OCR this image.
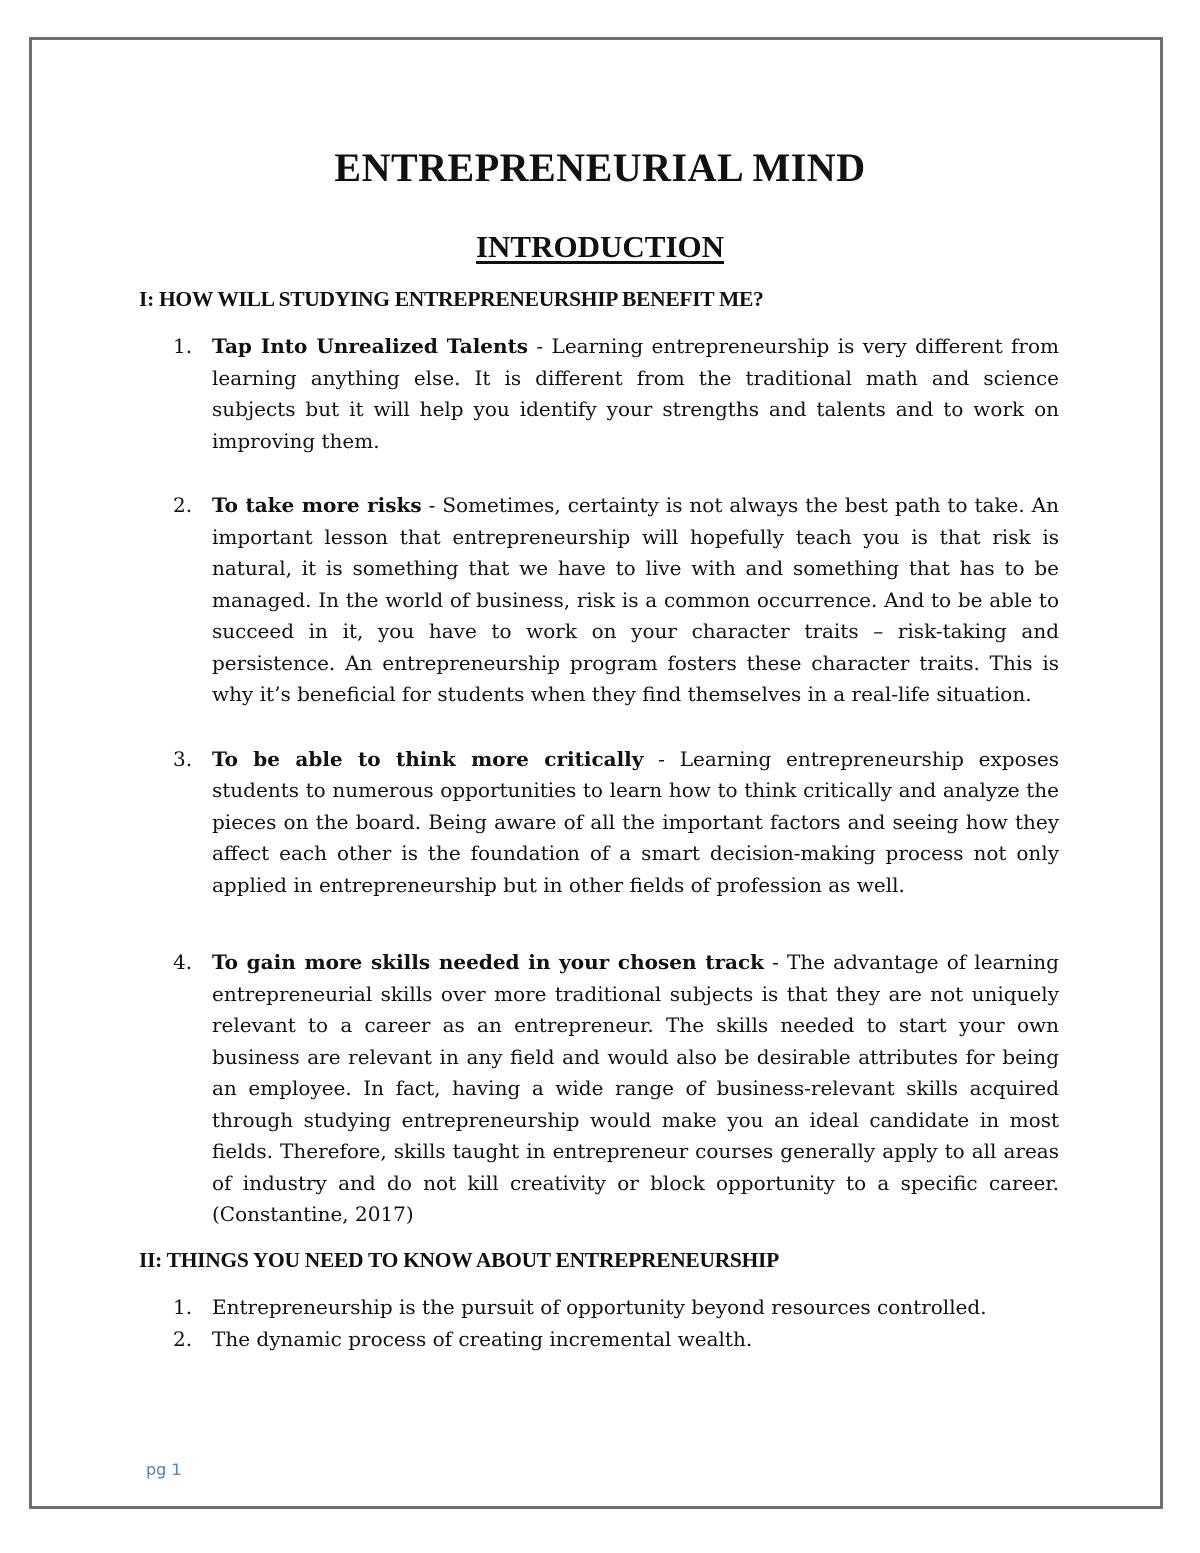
ENTREPRENEURIAL MIND
INTRODUCTION
I: HOW WILL STUDYING ENTREPRENEURSHIP BENEFIT ME?
1. Tap Into Unrealized Talents - Learning entrepreneurship is very different from learning anything else. It is different from the traditional math and science subjects but it will help you identify your strengths and talents and to work on improving them.
2. To take more risks - Sometimes, certainty is not always the best path to take. An important lesson that entrepreneurship will hopefully teach you is that risk is natural, it is something that we have to live with and something that has to be managed. In the world of business, risk is a common occurrence. And to be able to succeed in it, you have to work on your character traits – risk-taking and persistence. An entrepreneurship program fosters these character traits. This is why it’s beneficial for students when they find themselves in a real-life situation.
3. To be able to think more critically - Learning entrepreneurship exposes students to numerous opportunities to learn how to think critically and analyze the pieces on the board. Being aware of all the important factors and seeing how they affect each other is the foundation of a smart decision-making process not only applied in entrepreneurship but in other fields of profession as well.
4. To gain more skills needed in your chosen track - The advantage of learning entrepreneurial skills over more traditional subjects is that they are not uniquely relevant to a career as an entrepreneur. The skills needed to start your own business are relevant in any field and would also be desirable attributes for being an employee. In fact, having a wide range of business-relevant skills acquired through studying entrepreneurship would make you an ideal candidate in most fields. Therefore, skills taught in entrepreneur courses generally apply to all areas of industry and do not kill creativity or block opportunity to a specific career. (Constantine, 2017)
II: THINGS YOU NEED TO KNOW ABOUT ENTREPRENEURSHIP
1. Entrepreneurship is the pursuit of opportunity beyond resources controlled.
2. The dynamic process of creating incremental wealth.
pg 1
